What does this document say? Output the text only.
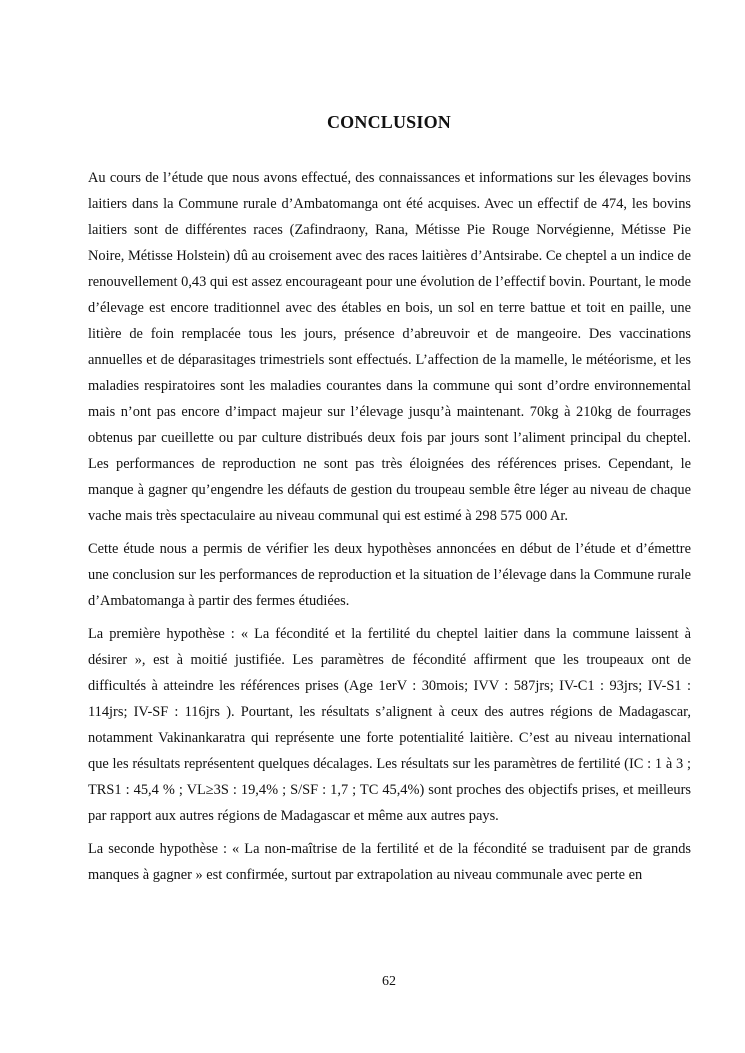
CONCLUSION

Au cours de l’étude que nous avons effectué, des connaissances et informations sur les élevages bovins laitiers dans la Commune rurale d’Ambatomanga ont été acquises. Avec un effectif de 474, les bovins laitiers sont de différentes races (Zafindraony, Rana, Métisse Pie Rouge Norvégienne, Métisse Pie Noire, Métisse Holstein) dû au croisement avec des races laitières d’Antsirabe. Ce cheptel a un indice de renouvellement 0,43 qui est assez encourageant pour une évolution de l’effectif bovin. Pourtant, le mode d’élevage est encore traditionnel avec des étables en bois, un sol en terre battue et toit en paille, une litière de foin remplacée tous les jours, présence d’abreuvoir et de mangeoire. Des vaccinations annuelles et de déparasitages trimestriels sont effectués. L’affection de la mamelle, le météorisme, et les maladies respiratoires sont les maladies courantes dans la commune qui sont d’ordre environnemental mais n’ont pas encore d’impact majeur sur l’élevage jusqu’à maintenant. 70kg à 210kg de fourrages obtenus par cueillette ou par culture distribués deux fois par jours sont l’aliment principal du cheptel. Les performances de reproduction ne sont pas très éloignées des références prises. Cependant, le manque à gagner qu’engendre les défauts de gestion du troupeau semble être léger au niveau de chaque vache mais très spectaculaire au niveau communal qui est estimé à 298 575 000 Ar.

Cette étude nous a permis de vérifier les deux hypothèses annoncées en début de l’étude et d’émettre une conclusion sur les performances de reproduction et la situation de l’élevage dans la Commune rurale d’Ambatomanga à partir des fermes étudiées.

La première hypothèse : « La fécondité et la fertilité du cheptel laitier dans la commune laissent à désirer », est à moitié justifiée. Les paramètres de fécondité affirment que les troupeaux ont de difficultés à atteindre les références prises (Age 1erV : 30mois; IVV : 587jrs; IV-C1 : 93jrs; IV-S1 : 114jrs; IV-SF : 116jrs ). Pourtant, les résultats s’alignent à ceux des autres régions de Madagascar, notamment Vakinankaratra qui représente une forte potentialité laitière. C’est au niveau international que les résultats représentent quelques décalages. Les résultats sur les paramètres de fertilité (IC : 1 à 3 ; TRS1 : 45,4 % ; VL≥3S : 19,4% ; S/SF : 1,7 ; TC 45,4%) sont proches des objectifs prises, et meilleurs par rapport aux autres régions de Madagascar et même aux autres pays.

La seconde hypothèse : « La non-maîtrise de la fertilité et de la fécondité se traduisent par de grands manques à gagner » est confirmée, surtout par extrapolation au niveau communale avec perte en

62
